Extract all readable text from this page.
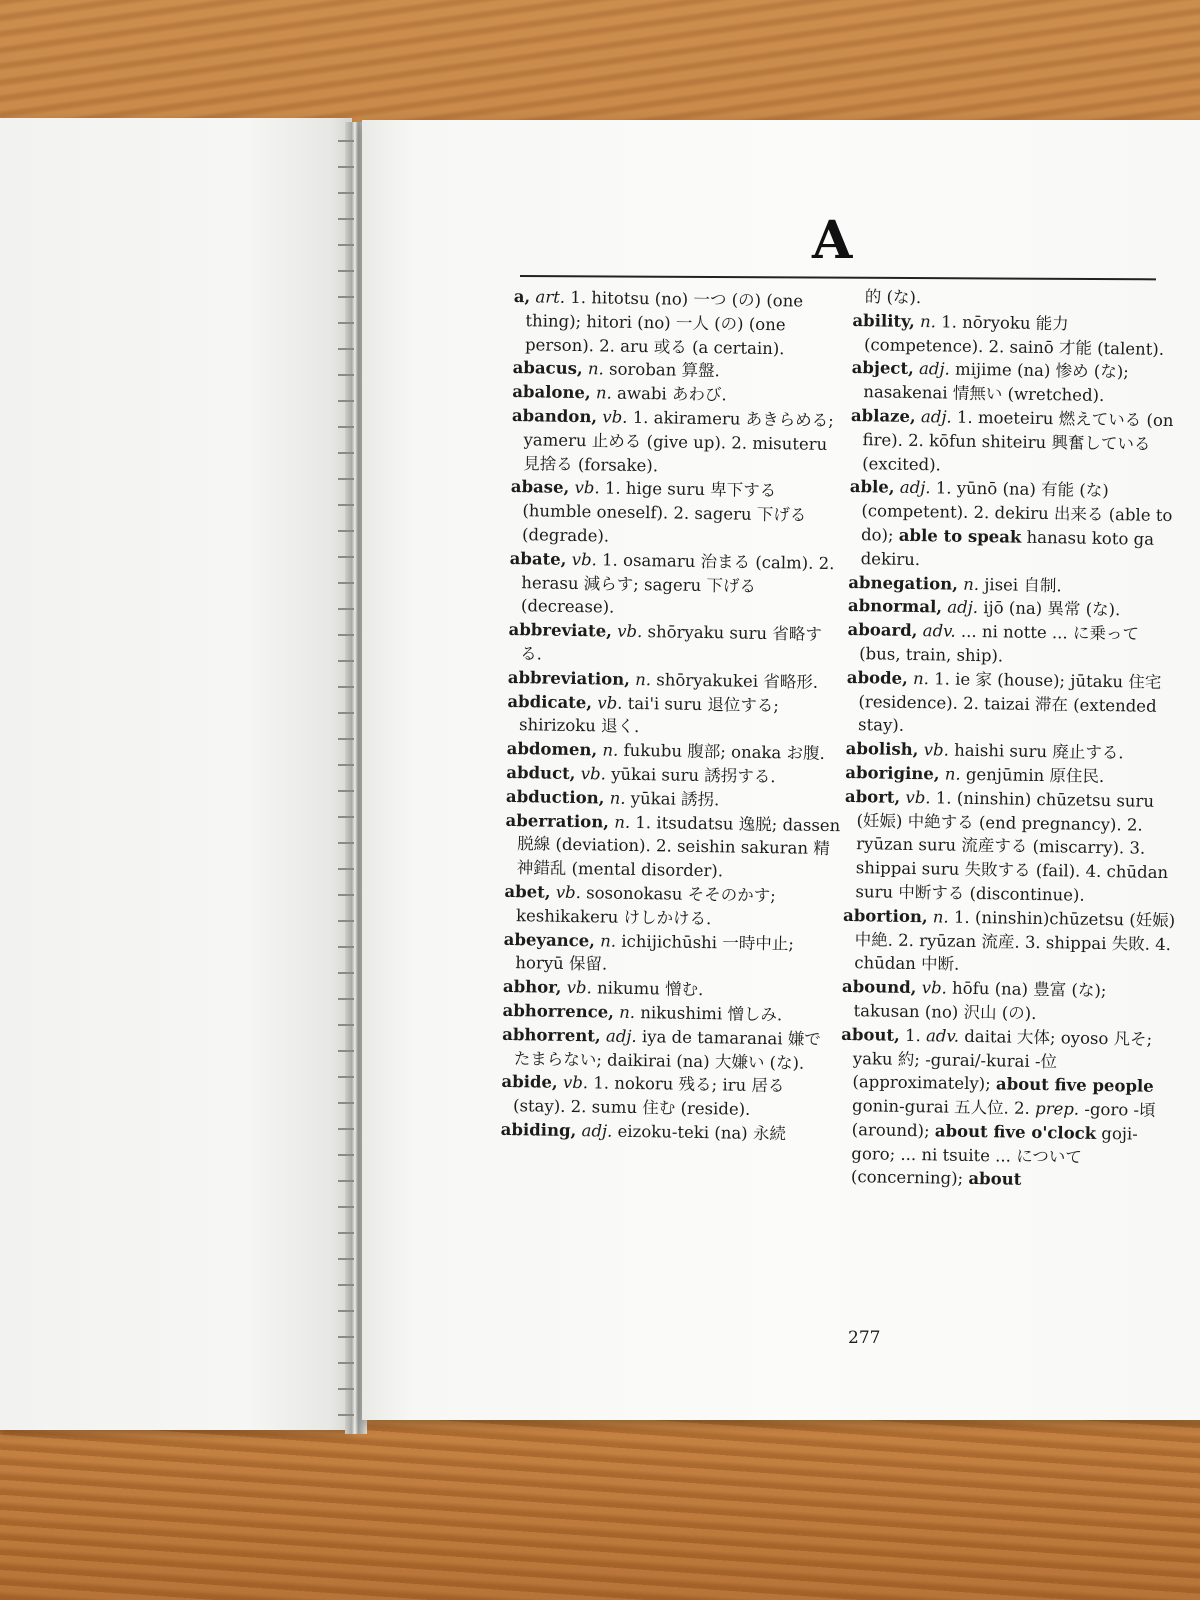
A

a, art. 1. hitotsu (no) 一つ (の) (one thing); hitori (no) 一人 (の) (one person). 2. aru 或る (a certain).

abacus, n. soroban 算盤.

abalone, n. awabi あわび.

abandon, vb. 1. akirameru あきらめる; yameru 止める (give up). 2. misuteru 見捨る (forsake).

abase, vb. 1. hige suru 卑下する (humble oneself). 2. sageru 下げる (degrade).

abate, vb. 1. osamaru 治まる (calm). 2. herasu 減らす; sageru 下げる (decrease).

abbreviate, vb. shōryaku suru 省略する.

abbreviation, n. shōryakukei 省略形.

abdicate, vb. tai'i suru 退位する; shirizoku 退く.

abdomen, n. fukubu 腹部; onaka お腹.

abduct, vb. yūkai suru 誘拐する.

abduction, n. yūkai 誘拐.

aberration, n. 1. itsudatsu 逸脱; dassen 脱線 (deviation). 2. seishin sakuran 精神錯乱 (mental disorder).

abet, vb. sosonokasu そそのかす; keshikakeru けしかける.

abeyance, n. ichijichūshi 一時中止; horyū 保留.

abhor, vb. nikumu 憎む.

abhorrence, n. nikushimi 憎しみ.

abhorrent, adj. iya de tamaranai 嫌でたまらない; daikirai (na) 大嫌い (な).

abide, vb. 1. nokoru 残る; iru 居る (stay). 2. sumu 住む (reside).

abiding, adj. eizoku-teki (na) 永続

的 (な).

ability, n. 1. nōryoku 能力 (competence). 2. sainō 才能 (talent).

abject, adj. mijime (na) 惨め (な); nasakenai 情無い (wretched).

ablaze, adj. 1. moeteiru 燃えている (on fire). 2. kōfun shiteiru 興奮している (excited).

able, adj. 1. yūnō (na) 有能 (な) (competent). 2. dekiru 出来る (able to do); able to speak hanasu koto ga dekiru.

abnegation, n. jisei 自制.

abnormal, adj. ijō (na) 異常 (な).

aboard, adv. ... ni notte ... に乗って (bus, train, ship).

abode, n. 1. ie 家 (house); jūtaku 住宅 (residence). 2. taizai 滞在 (extended stay).

abolish, vb. haishi suru 廃止する.

aborigine, n. genjūmin 原住民.

abort, vb. 1. (ninshin) chūzetsu suru (妊娠) 中絶する (end pregnancy). 2. ryūzan suru 流産する (miscarry). 3. shippai suru 失敗する (fail). 4. chūdan suru 中断する (discontinue).

abortion, n. 1. (ninshin)chūzetsu (妊娠)中絶. 2. ryūzan 流産. 3. shippai 失敗. 4. chūdan 中断.

abound, vb. hōfu (na) 豊富 (な); takusan (no) 沢山 (の).

about, 1. adv. daitai 大体; oyoso 凡そ; yaku 約; -gurai/-kurai -位 (approximately); about five people gonin-gurai 五人位. 2. prep. -goro -頃 (around); about five o'clock goji-goro; ... ni tsuite ... について (concerning); about

277
